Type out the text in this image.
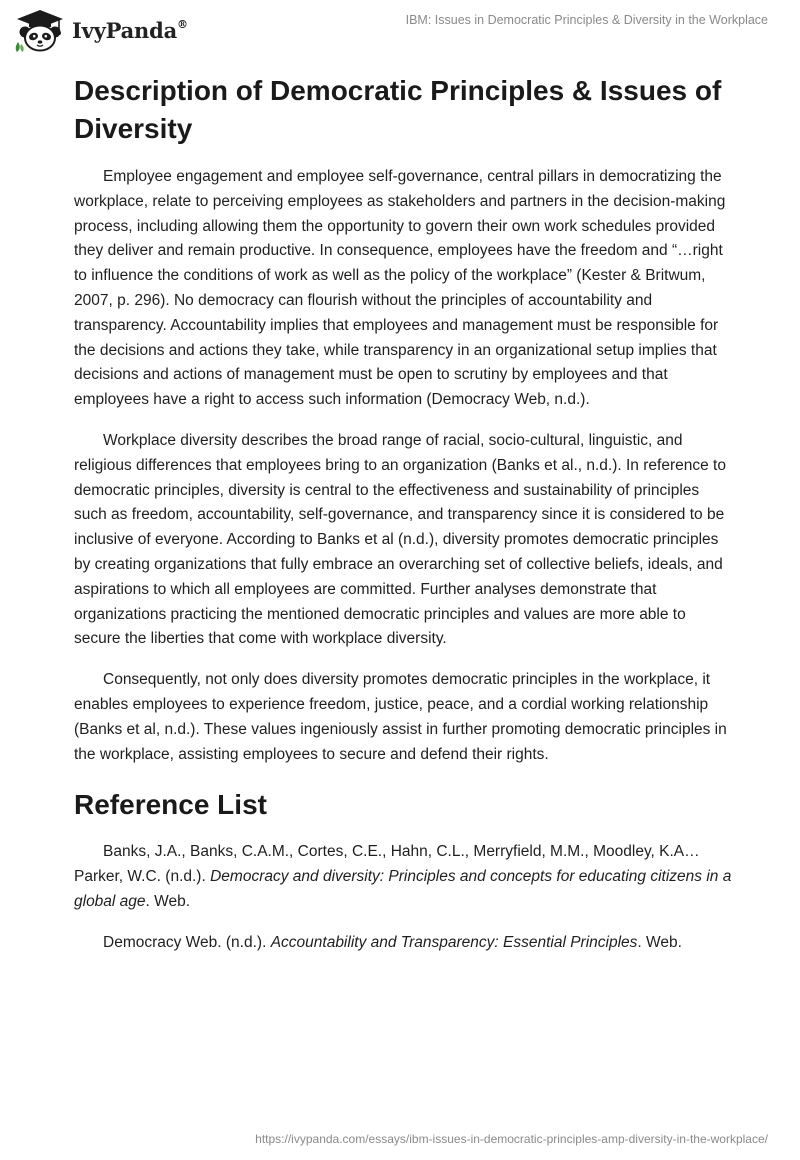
IvyPanda®	IBM: Issues in Democratic Principles & Diversity in the Workplace
Description of Democratic Principles & Issues of Diversity

Employee engagement and employee self-governance, central pillars in democratizing the workplace, relate to perceiving employees as stakeholders and partners in the decision-making process, including allowing them the opportunity to govern their own work schedules provided they deliver and remain productive. In consequence, employees have the freedom and “…right to influence the conditions of work as well as the policy of the workplace” (Kester & Britwum, 2007, p. 296). No democracy can flourish without the principles of accountability and transparency. Accountability implies that employees and management must be responsible for the decisions and actions they take, while transparency in an organizational setup implies that decisions and actions of management must be open to scrutiny by employees and that employees have a right to access such information (Democracy Web, n.d.).

Workplace diversity describes the broad range of racial, socio-cultural, linguistic, and religious differences that employees bring to an organization (Banks et al., n.d.). In reference to democratic principles, diversity is central to the effectiveness and sustainability of principles such as freedom, accountability, self-governance, and transparency since it is considered to be inclusive of everyone. According to Banks et al (n.d.), diversity promotes democratic principles by creating organizations that fully embrace an overarching set of collective beliefs, ideals, and aspirations to which all employees are committed. Further analyses demonstrate that organizations practicing the mentioned democratic principles and values are more able to secure the liberties that come with workplace diversity.

Consequently, not only does diversity promotes democratic principles in the workplace, it enables employees to experience freedom, justice, peace, and a cordial working relationship (Banks et al, n.d.). These values ingeniously assist in further promoting democratic principles in the workplace, assisting employees to secure and defend their rights.

Reference List

Banks, J.A., Banks, C.A.M., Cortes, C.E., Hahn, C.L., Merryfield, M.M., Moodley, K.A…Parker, W.C. (n.d.). Democracy and diversity: Principles and concepts for educating citizens in a global age. Web.

Democracy Web. (n.d.). Accountability and Transparency: Essential Principles. Web.

https://ivypanda.com/essays/ibm-issues-in-democratic-principles-amp-diversity-in-the-workplace/
